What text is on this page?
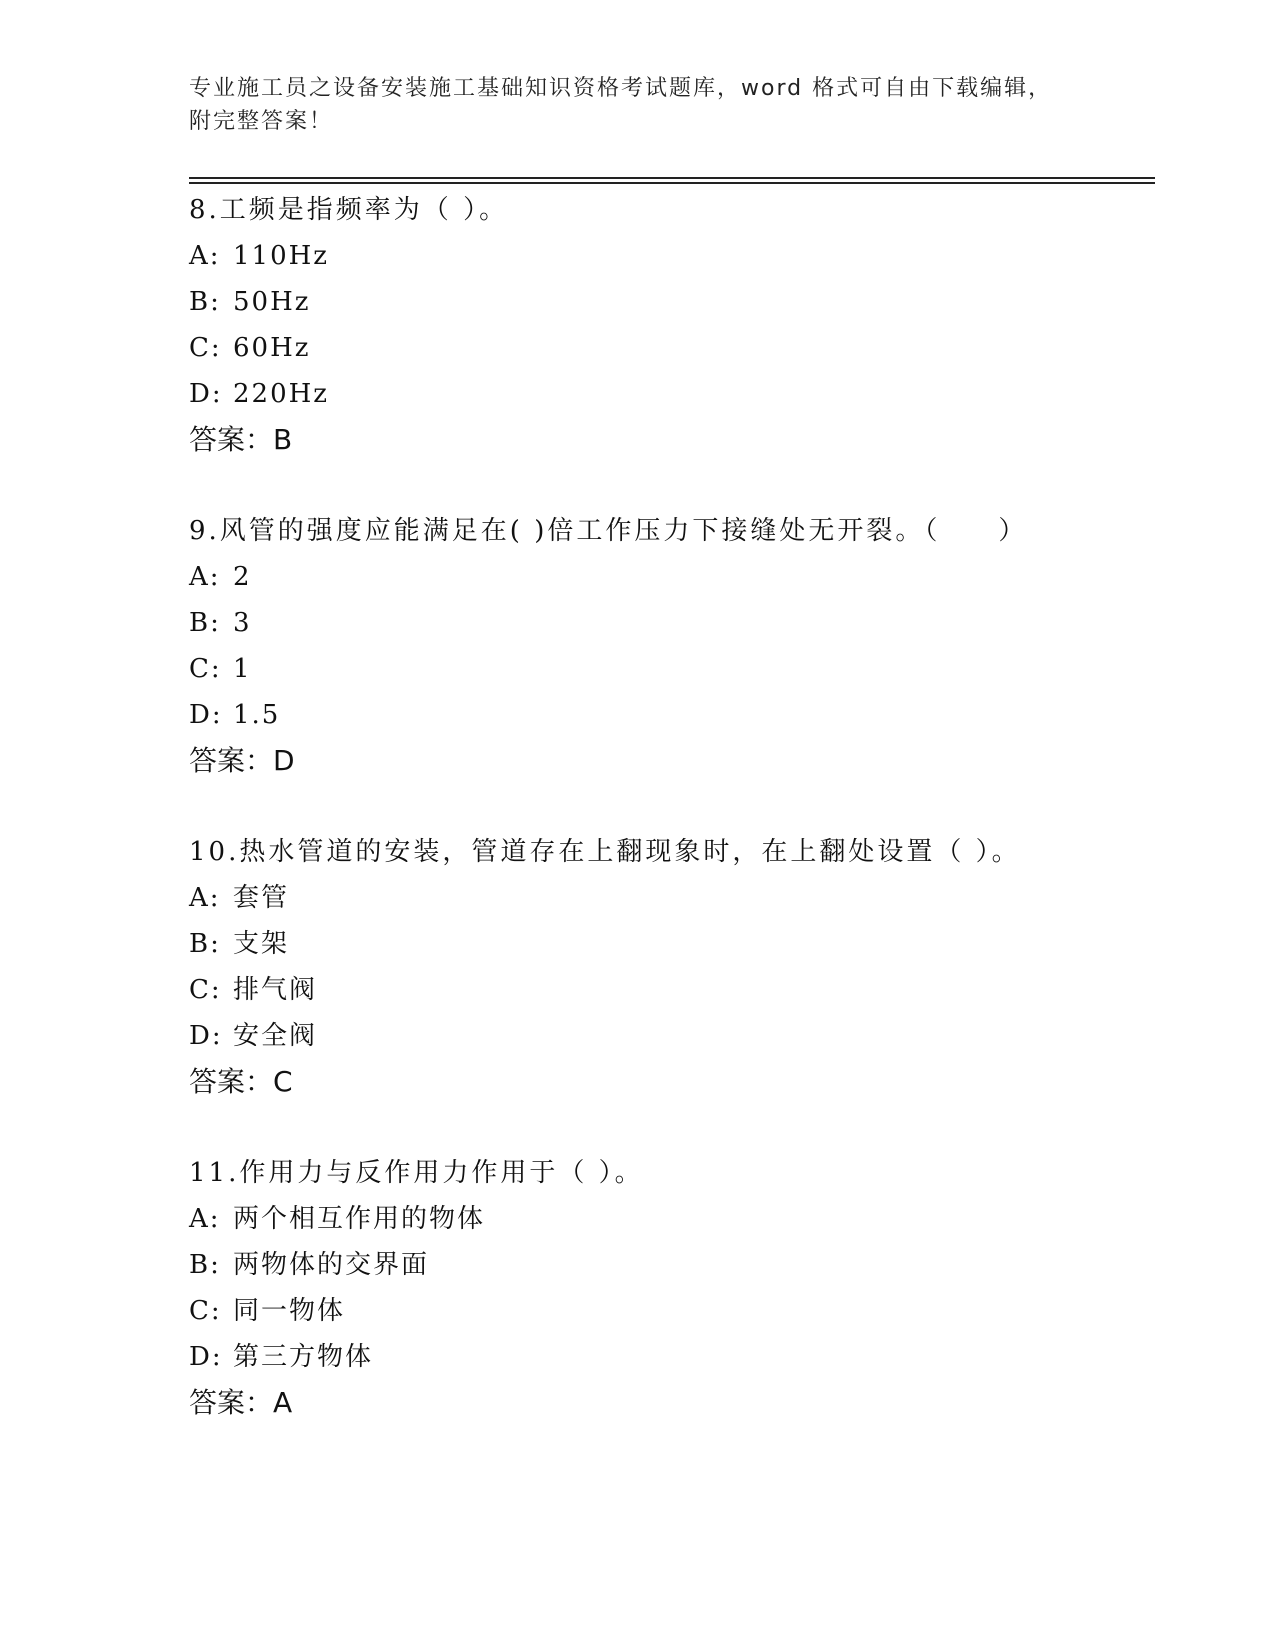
专业施工员之设备安装施工基础知识资格考试题库，word 格式可自由下载编辑，

附完整答案！

8.工频是指频率为（ ）。
A: 110Hz
B: 50Hz
C: 60Hz
D: 220Hz
答案：B
9.风管的强度应能满足在( )倍工作压力下接缝处无开裂。（　　）
A: 2
B: 3
C: 1
D: 1.5
答案：D
10.热水管道的安装，管道存在上翻现象时，在上翻处设置（ ）。
A: 套管
B: 支架
C: 排气阀
D: 安全阀
答案：C
11.作用力与反作用力作用于（ ）。
A: 两个相互作用的物体
B: 两物体的交界面
C: 同一物体
D: 第三方物体
答案：A
